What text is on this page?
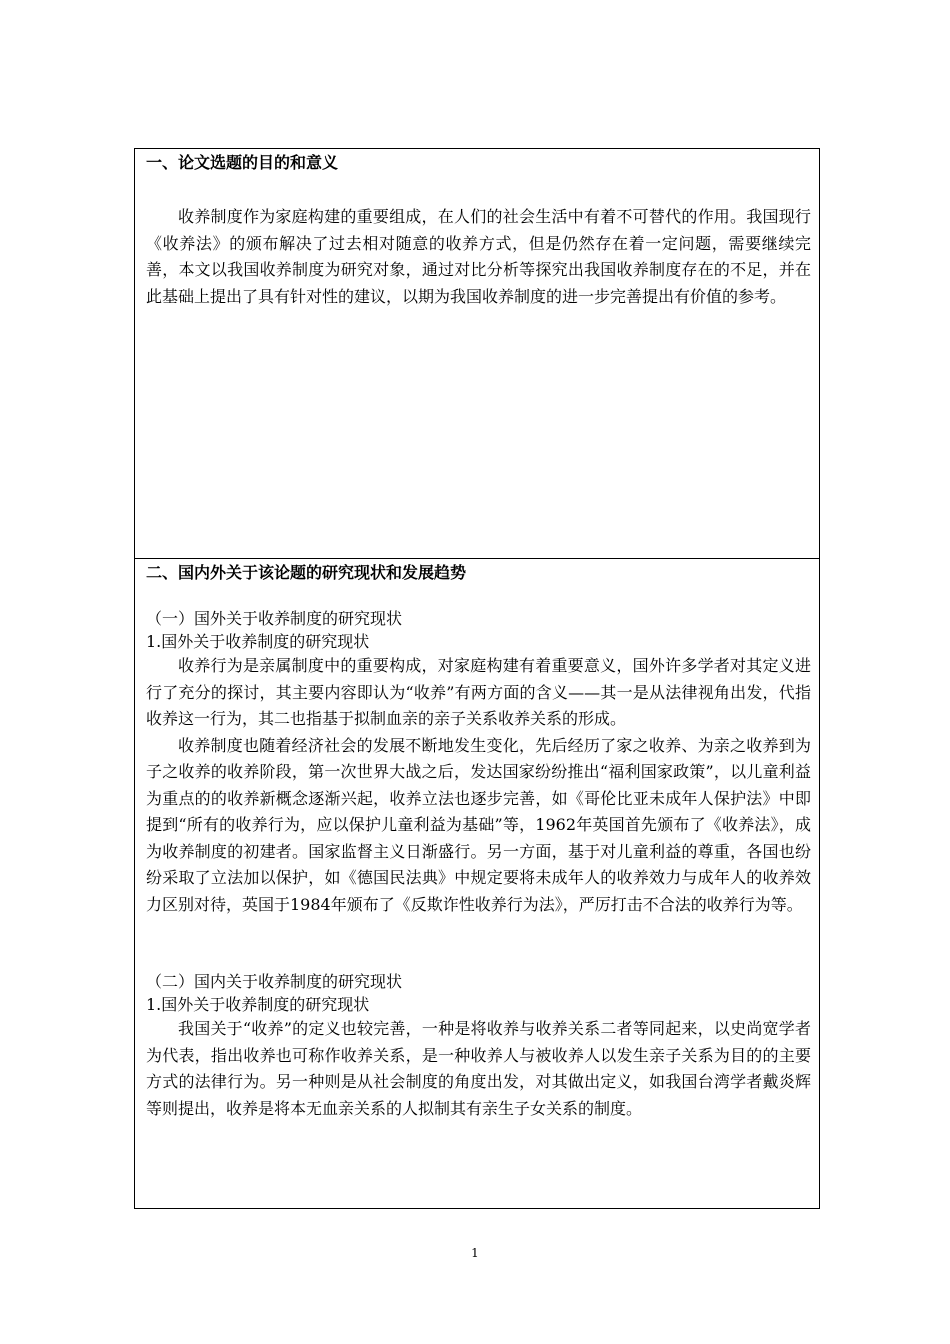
一、论文选题的目的和意义

收养制度作为家庭构建的重要组成，在人们的社会生活中有着不可替代的作用。我国现行《收养法》的颁布解决了过去相对随意的收养方式，但是仍然存在着一定问题，需要继续完善，本文以我国收养制度为研究对象，通过对比分析等探究出我国收养制度存在的不足，并在此基础上提出了具有针对性的建议，以期为我国收养制度的进一步完善提出有价值的参考。

二、国内外关于该论题的研究现状和发展趋势

（一）国外关于收养制度的研究现状

1.国外关于收养制度的研究现状

收养行为是亲属制度中的重要构成，对家庭构建有着重要意义，国外许多学者对其定义进行了充分的探讨，其主要内容即认为“收养”有两方面的含义——其一是从法律视角出发，代指收养这一行为，其二也指基于拟制血亲的亲子关系收养关系的形成。

收养制度也随着经济社会的发展不断地发生变化，先后经历了家之收养、为亲之收养到为子之收养的收养阶段，第一次世界大战之后，发达国家纷纷推出“福利国家政策”，以儿童利益为重点的的收养新概念逐渐兴起，收养立法也逐步完善，如《哥伦比亚未成年人保护法》中即提到“所有的收养行为，应以保护儿童利益为基础”等，1962年英国首先颁布了《收养法》，成为收养制度的初建者。国家监督主义日渐盛行。另一方面，基于对儿童利益的尊重，各国也纷纷采取了立法加以保护，如《德国民法典》中规定要将未成年人的收养效力与成年人的收养效力区别对待，英国于1984年颁布了《反欺诈性收养行为法》，严厉打击不合法的收养行为等。

（二）国内关于收养制度的研究现状

1.国外关于收养制度的研究现状

我国关于“收养”的定义也较完善，一种是将收养与收养关系二者等同起来，以史尚宽学者为代表，指出收养也可称作收养关系，是一种收养人与被收养人以发生亲子关系为目的的主要方式的法律行为。另一种则是从社会制度的角度出发，对其做出定义，如我国台湾学者戴炎辉等则提出，收养是将本无血亲关系的人拟制其有亲生子女关系的制度。

1
